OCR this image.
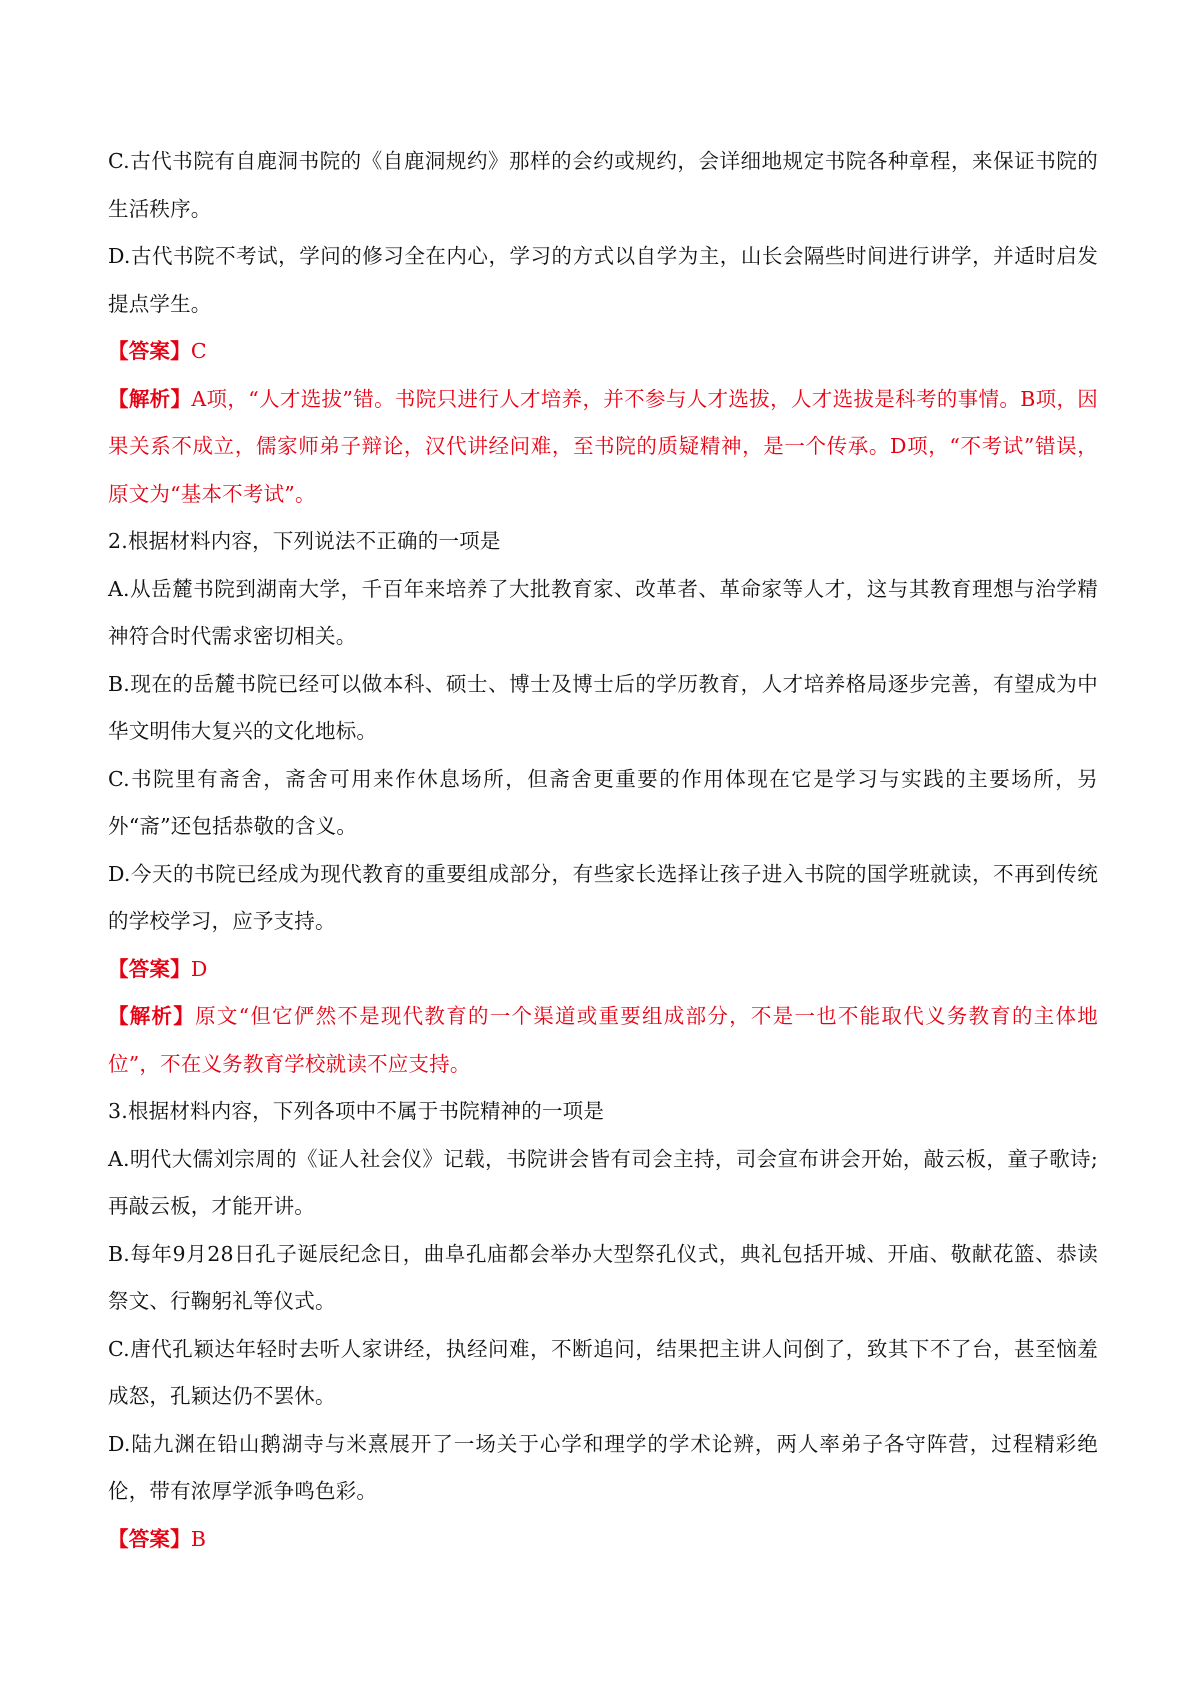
C.古代书院有自鹿洞书院的《自鹿洞规约》那样的会约或规约，会详细地规定书院各种章程，来保证书院的生活秩序。

D.古代书院不考试，学问的修习全在内心，学习的方式以自学为主，山长会隔些时间进行讲学，并适时启发提点学生。

【答案】C

【解析】A项，“人才选拔”错。书院只进行人才培养，并不参与人才选拔，人才选拔是科考的事情。B项，因果关系不成立，儒家师弟子辩论，汉代讲经问难，至书院的质疑精神，是一个传承。D项，“不考试”错误，原文为“基本不考试”。

2.根据材料内容，下列说法不正确的一项是

A.从岳麓书院到湖南大学，千百年来培养了大批教育家、改革者、革命家等人才，这与其教育理想与治学精神符合时代需求密切相关。

B.现在的岳麓书院已经可以做本科、硕士、博士及博士后的学历教育，人才培养格局逐步完善，有望成为中华文明伟大复兴的文化地标。

C.书院里有斋舍，斋舍可用来作休息场所，但斋舍更重要的作用体现在它是学习与实践的主要场所，另外“斋”还包括恭敬的含义。

D.今天的书院已经成为现代教育的重要组成部分，有些家长选择让孩子进入书院的国学班就读，不再到传统的学校学习，应予支持。

【答案】D

【解析】原文“但它俨然不是现代教育的一个渠道或重要组成部分，不是一也不能取代义务教育的主体地位”，不在义务教育学校就读不应支持。

3.根据材料内容，下列各项中不属于书院精神的一项是

A.明代大儒刘宗周的《证人社会仪》记载，书院讲会皆有司会主持，司会宣布讲会开始，敲云板，童子歌诗;再敲云板，才能开讲。

B.每年9月28日孔子诞辰纪念日，曲阜孔庙都会举办大型祭孔仪式，典礼包括开城、开庙、敬献花篮、恭读祭文、行鞠躬礼等仪式。

C.唐代孔颖达年轻时去听人家讲经，执经问难，不断追问，结果把主讲人问倒了，致其下不了台，甚至恼羞成怒，孔颖达仍不罢休。

D.陆九渊在铅山鹅湖寺与米熹展开了一场关于心学和理学的学术论辨，两人率弟子各守阵营，过程精彩绝伦，带有浓厚学派争鸣色彩。

【答案】B
